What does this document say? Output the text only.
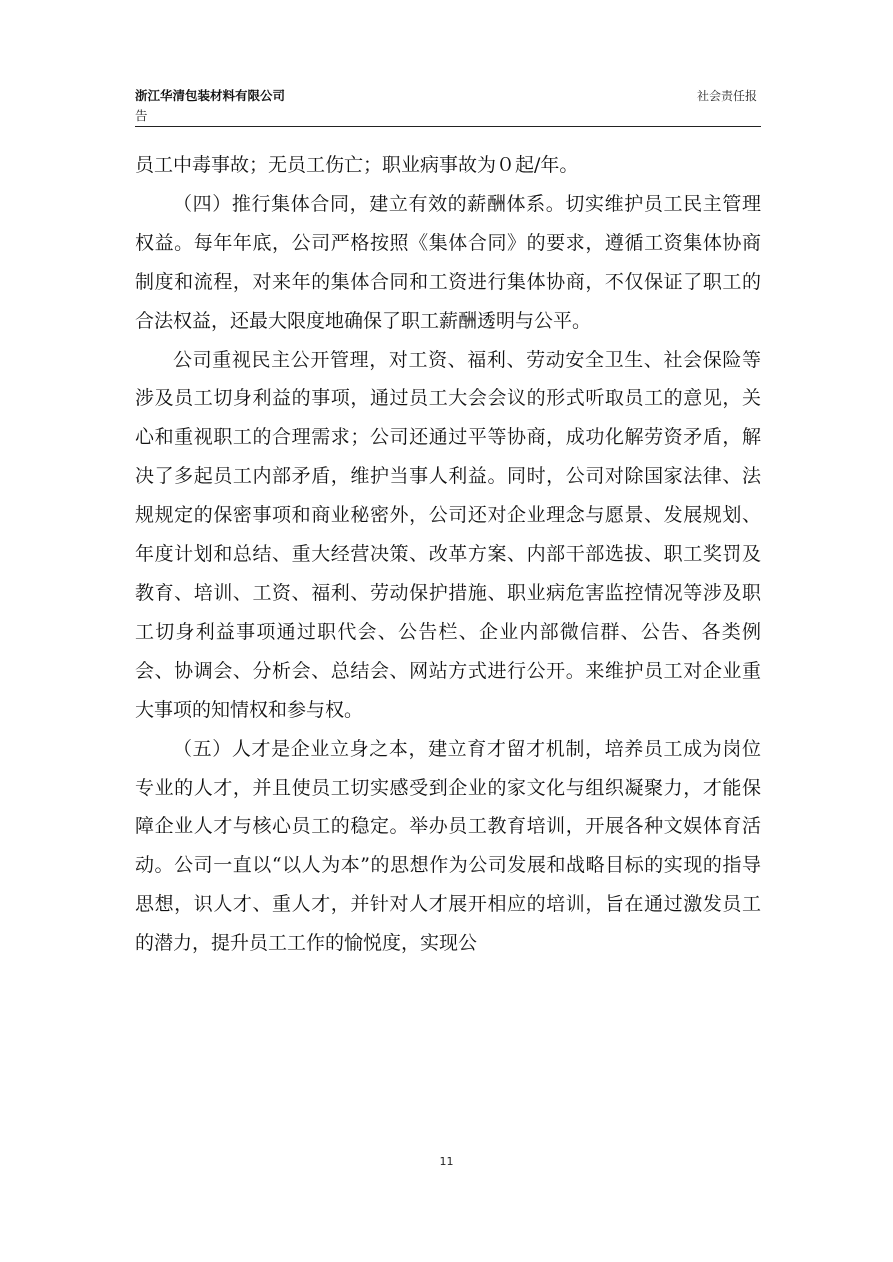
浙江华清包装材料有限公司
告
社会责任报

员工中毒事故；无员工伤亡；职业病事故为０起/年。

（四）推行集体合同，建立有效的薪酬体系。切实维护员工民主管理权益。每年年底，公司严格按照《集体合同》的要求，遵循工资集体协商制度和流程，对来年的集体合同和工资进行集体协商，不仅保证了职工的合法权益，还最大限度地确保了职工薪酬透明与公平。

公司重视民主公开管理，对工资、福利、劳动安全卫生、社会保险等涉及员工切身利益的事项，通过员工大会会议的形式听取员工的意见，关心和重视职工的合理需求；公司还通过平等协商，成功化解劳资矛盾，解决了多起员工内部矛盾，维护当事人利益。同时，公司对除国家法律、法规规定的保密事项和商业秘密外，公司还对企业理念与愿景、发展规划、年度计划和总结、重大经营决策、改革方案、内部干部选拔、职工奖罚及教育、培训、工资、福利、劳动保护措施、职业病危害监控情况等涉及职工切身利益事项通过职代会、公告栏、企业内部微信群、公告、各类例会、协调会、分析会、总结会、网站方式进行公开。来维护员工对企业重大事项的知情权和参与权。

（五）人才是企业立身之本，建立育才留才机制，培养员工成为岗位专业的人才，并且使员工切实感受到企业的家文化与组织凝聚力，才能保障企业人才与核心员工的稳定。举办员工教育培训，开展各种文娱体育活动。公司一直以“以人为本”的思想作为公司发展和战略目标的实现的指导思想，识人才、重人才，并针对人才展开相应的培训，旨在通过激发员工的潜力，提升员工工作的愉悦度，实现公

11
